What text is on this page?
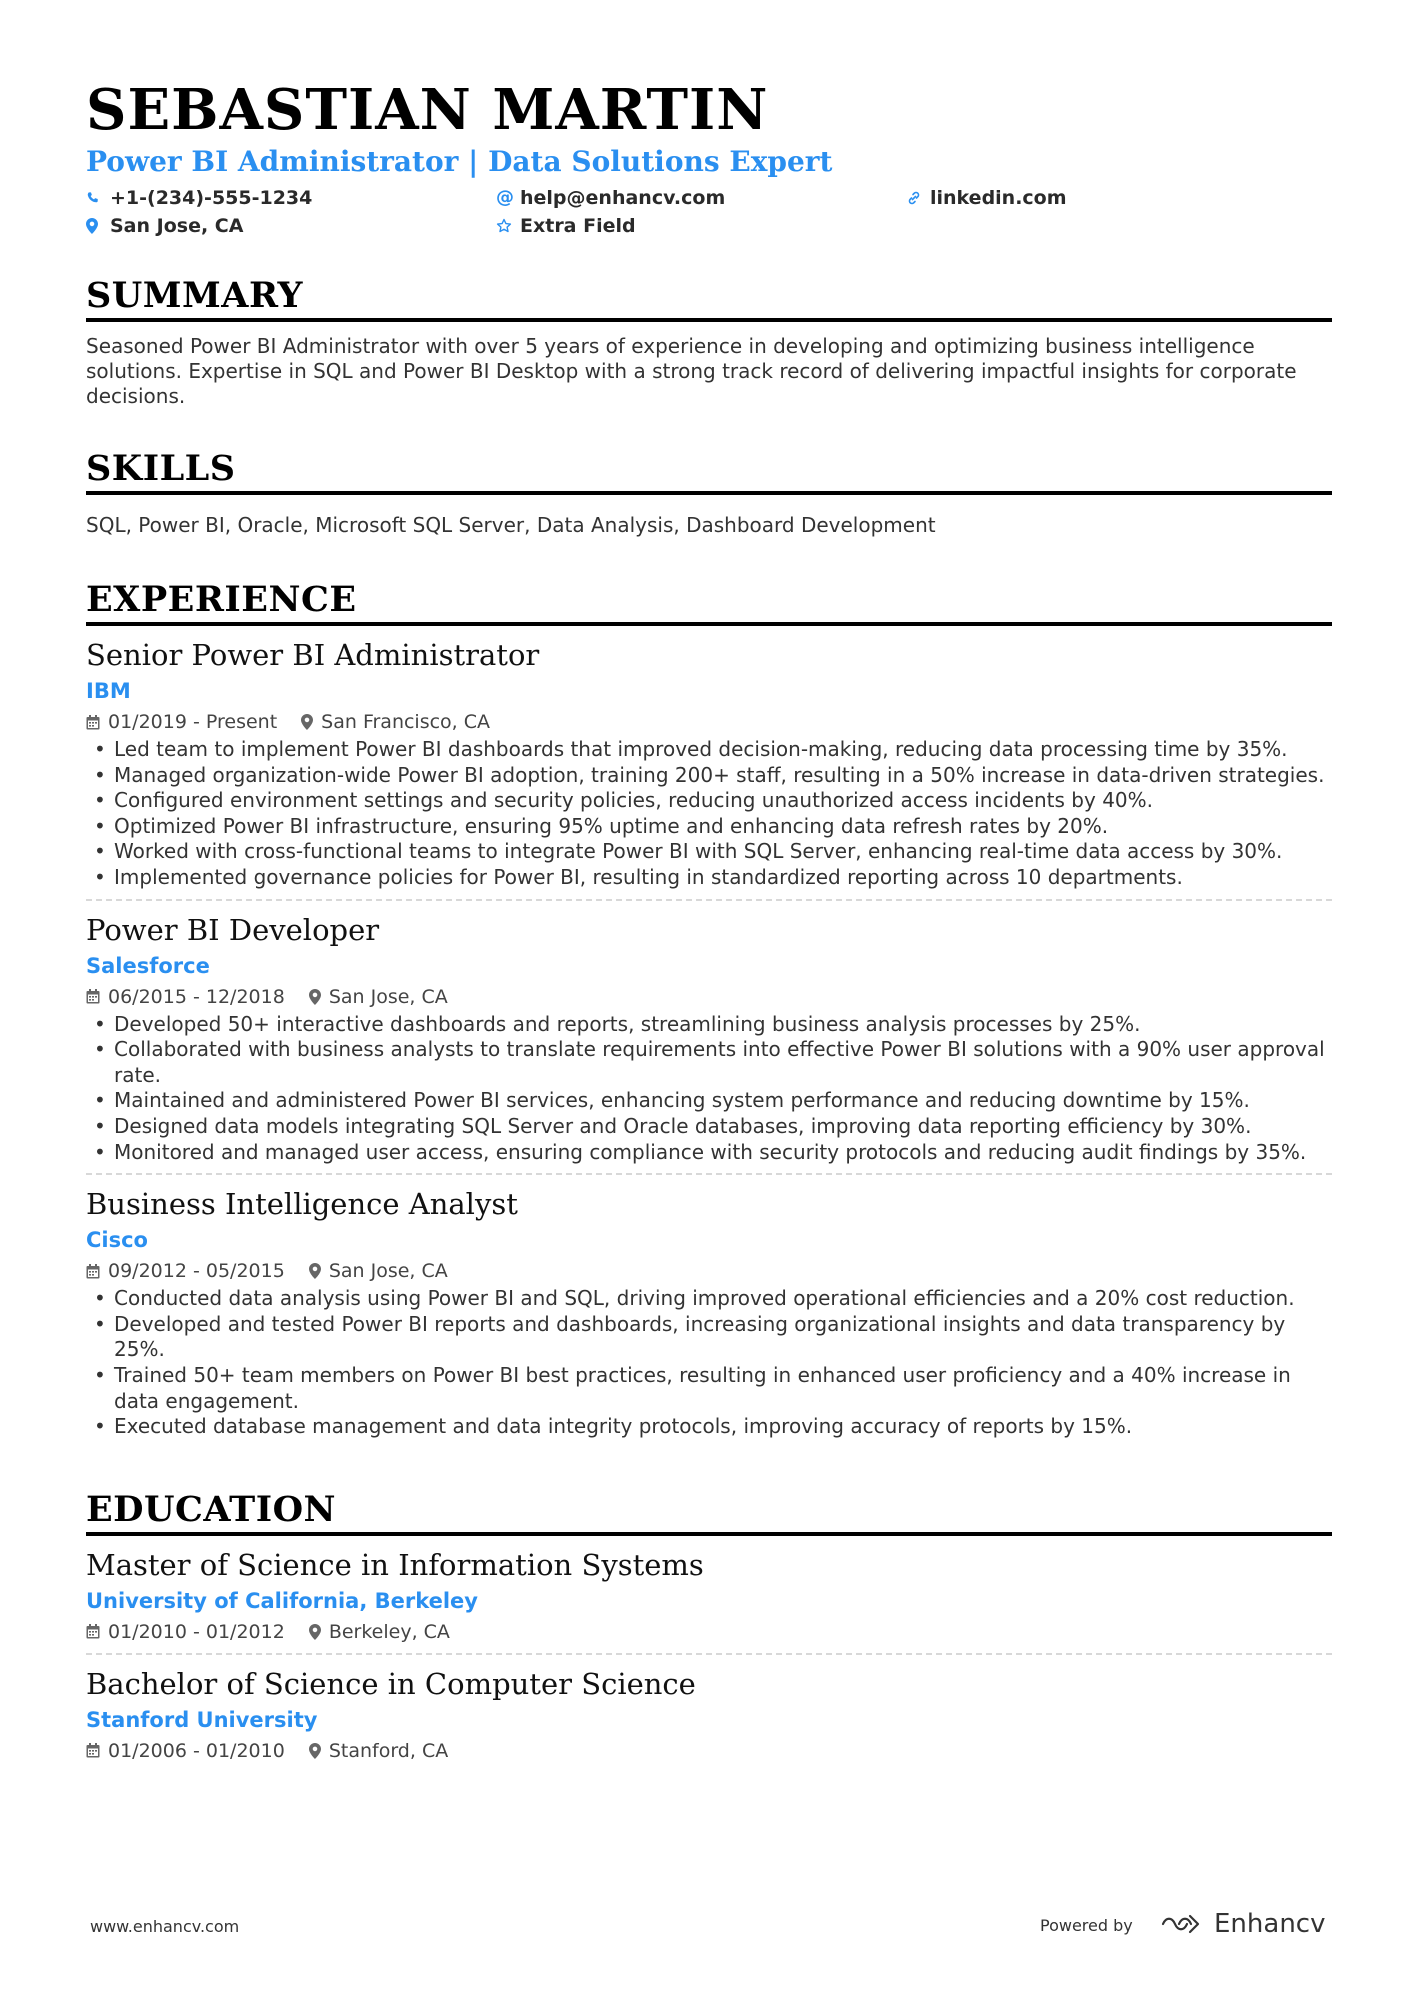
SEBASTIAN MARTIN
Power BI Administrator | Data Solutions Expert
+1-(234)-555-1234	@ help@enhancv.com	linkedin.com
San Jose, CA	Extra Field
SUMMARY
Seasoned Power BI Administrator with over 5 years of experience in developing and optimizing business intelligence solutions. Expertise in SQL and Power BI Desktop with a strong track record of delivering impactful insights for corporate decisions.
SKILLS
SQL, Power BI, Oracle, Microsoft SQL Server, Data Analysis, Dashboard Development
EXPERIENCE
Senior Power BI Administrator
IBM
01/2019 - Present San Francisco, CA
• Led team to implement Power BI dashboards that improved decision-making, reducing data processing time by 35%.
• Managed organization-wide Power BI adoption, training 200+ staff, resulting in a 50% increase in data-driven strategies.
• Configured environment settings and security policies, reducing unauthorized access incidents by 40%.
• Optimized Power BI infrastructure, ensuring 95% uptime and enhancing data refresh rates by 20%.
• Worked with cross-functional teams to integrate Power BI with SQL Server, enhancing real-time data access by 30%.
• Implemented governance policies for Power BI, resulting in standardized reporting across 10 departments.
Power BI Developer
Salesforce
06/2015 - 12/2018 San Jose, CA
• Developed 50+ interactive dashboards and reports, streamlining business analysis processes by 25%.
• Collaborated with business analysts to translate requirements into effective Power BI solutions with a 90% user approval rate.
• Maintained and administered Power BI services, enhancing system performance and reducing downtime by 15%.
• Designed data models integrating SQL Server and Oracle databases, improving data reporting efficiency by 30%.
• Monitored and managed user access, ensuring compliance with security protocols and reducing audit findings by 35%.
Business Intelligence Analyst
Cisco
09/2012 - 05/2015 San Jose, CA
• Conducted data analysis using Power BI and SQL, driving improved operational efficiencies and a 20% cost reduction.
• Developed and tested Power BI reports and dashboards, increasing organizational insights and data transparency by 25%.
• Trained 50+ team members on Power BI best practices, resulting in enhanced user proficiency and a 40% increase in data engagement.
• Executed database management and data integrity protocols, improving accuracy of reports by 15%.
EDUCATION
Master of Science in Information Systems
University of California, Berkeley
01/2010 - 01/2012 Berkeley, CA
Bachelor of Science in Computer Science
Stanford University
01/2006 - 01/2010 Stanford, CA
www.enhancv.com	Powered by	Enhancv
